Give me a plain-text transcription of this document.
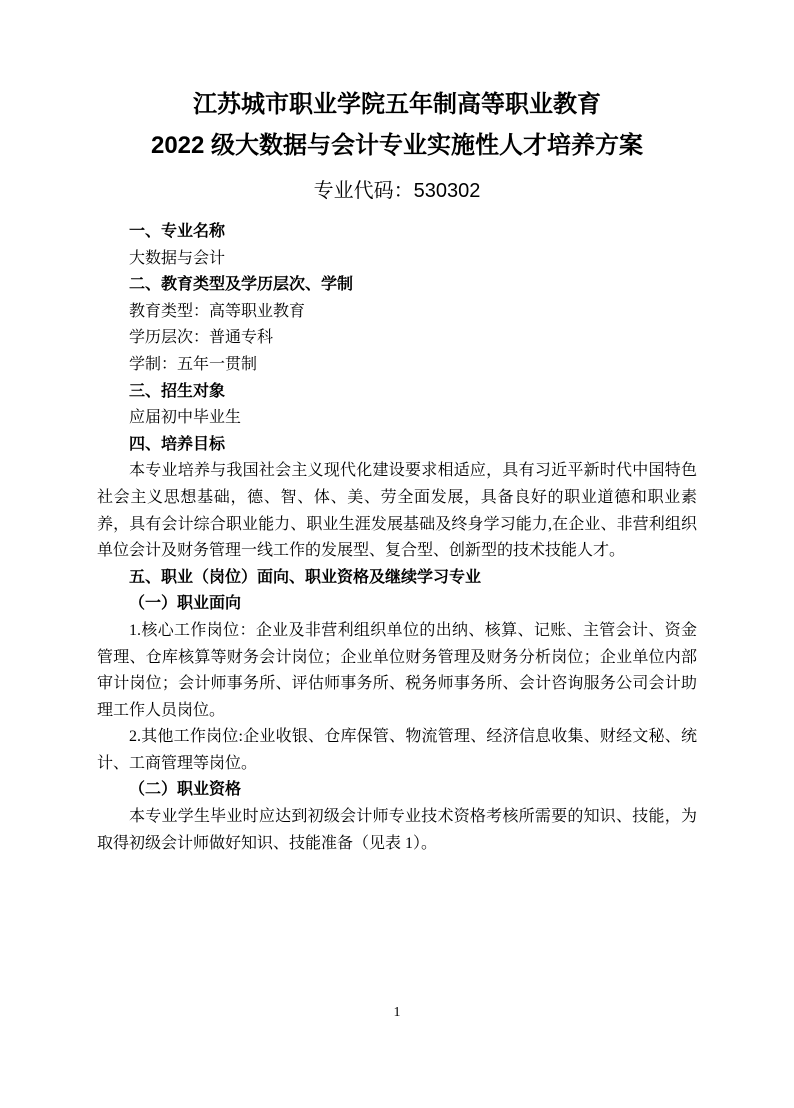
江苏城市职业学院五年制高等职业教育
2022 级大数据与会计专业实施性人才培养方案
专业代码：530302

一、专业名称

大数据与会计

二、教育类型及学历层次、学制

教育类型：高等职业教育

学历层次：普通专科

学制：五年一贯制

三、招生对象

应届初中毕业生

四、培养目标

本专业培养与我国社会主义现代化建设要求相适应，具有习近平新时代中国特色社会主义思想基础，德、智、体、美、劳全面发展，具备良好的职业道德和职业素养，具有会计综合职业能力、职业生涯发展基础及终身学习能力,在企业、非营利组织单位会计及财务管理一线工作的发展型、复合型、创新型的技术技能人才。

五、职业（岗位）面向、职业资格及继续学习专业

（一）职业面向

1.核心工作岗位：企业及非营利组织单位的出纳、核算、记账、主管会计、资金管理、仓库核算等财务会计岗位；企业单位财务管理及财务分析岗位；企业单位内部审计岗位；会计师事务所、评估师事务所、税务师事务所、会计咨询服务公司会计助理工作人员岗位。

2.其他工作岗位:企业收银、仓库保管、物流管理、经济信息收集、财经文秘、统计、工商管理等岗位。

（二）职业资格

本专业学生毕业时应达到初级会计师专业技术资格考核所需要的知识、技能，为取得初级会计师做好知识、技能准备（见表 1）。

1
